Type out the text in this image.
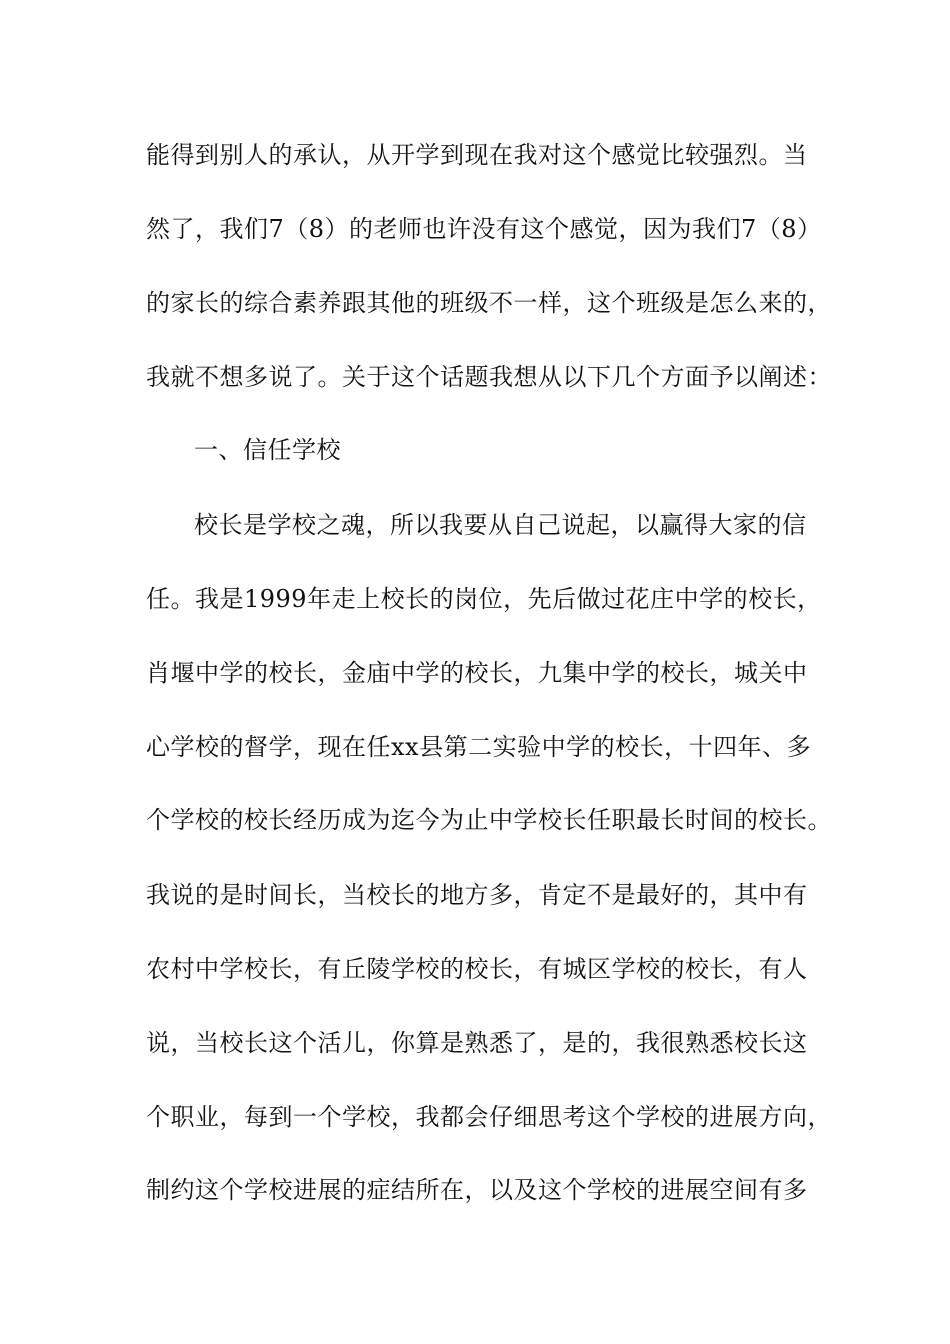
能得到别人的承认，从开学到现在我对这个感觉比较强烈。当
然了，我们7（8）的老师也许没有这个感觉，因为我们7（8）
的家长的综合素养跟其他的班级不一样，这个班级是怎么来的，
我就不想多说了。关于这个话题我想从以下几个方面予以阐述：
一、信任学校
校长是学校之魂，所以我要从自己说起，以赢得大家的信
任。我是1999年走上校长的岗位，先后做过花庄中学的校长，
肖堰中学的校长，金庙中学的校长，九集中学的校长，城关中
心学校的督学，现在任xx县第二实验中学的校长，十四年、多
个学校的校长经历成为迄今为止中学校长任职最长时间的校长。
我说的是时间长，当校长的地方多，肯定不是最好的，其中有
农村中学校长，有丘陵学校的校长，有城区学校的校长，有人
说，当校长这个活儿，你算是熟悉了，是的，我很熟悉校长这
个职业，每到一个学校，我都会仔细思考这个学校的进展方向，
制约这个学校进展的症结所在，以及这个学校的进展空间有多
